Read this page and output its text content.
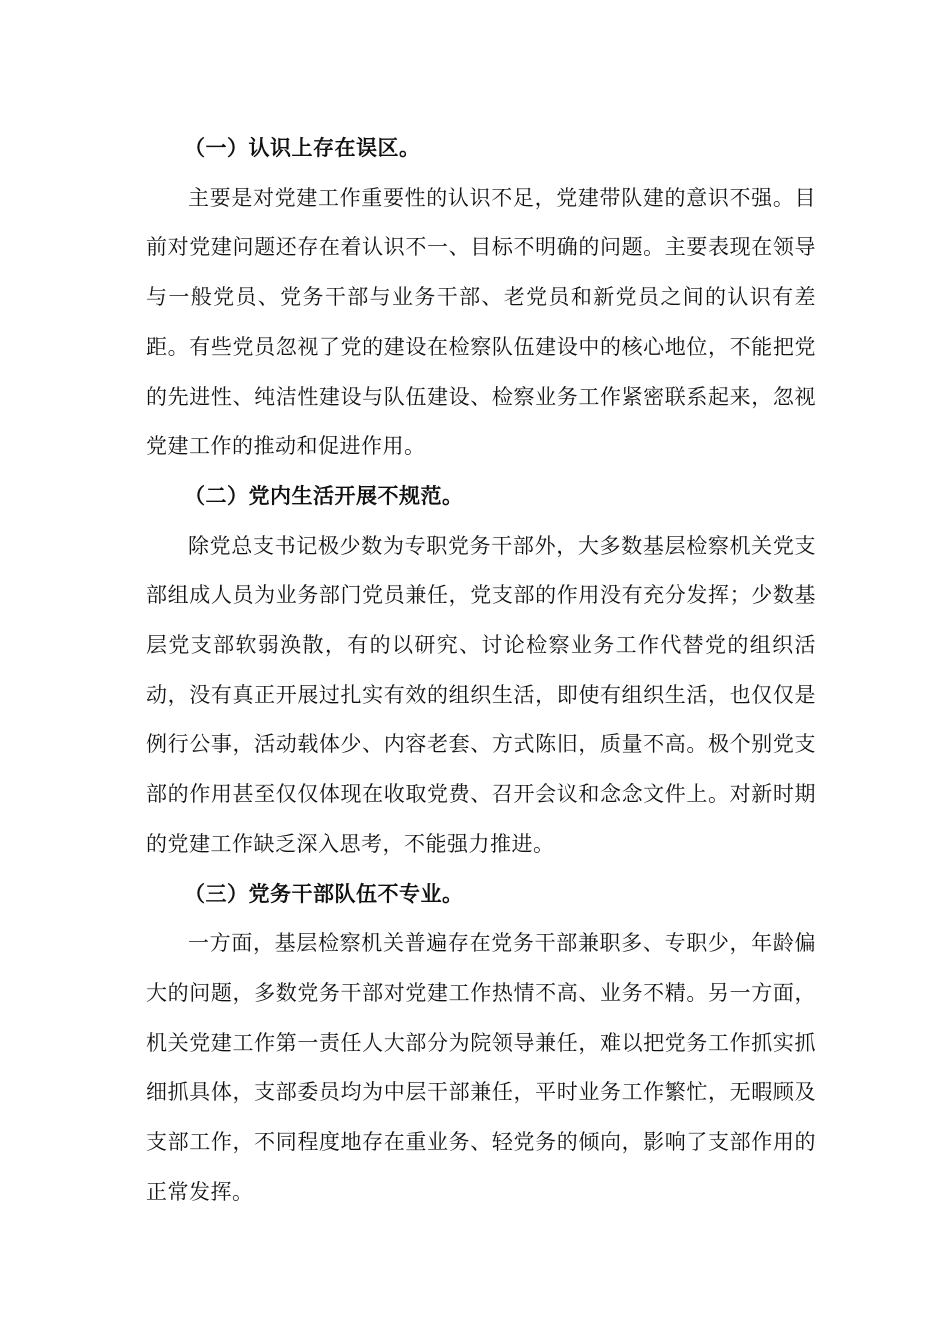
（一）认识上存在误区。

主要是对党建工作重要性的认识不足，党建带队建的意识不强。目前对党建问题还存在着认识不一、目标不明确的问题。主要表现在领导与一般党员、党务干部与业务干部、老党员和新党员之间的认识有差距。有些党员忽视了党的建设在检察队伍建设中的核心地位，不能把党的先进性、纯洁性建设与队伍建设、检察业务工作紧密联系起来，忽视党建工作的推动和促进作用。

（二）党内生活开展不规范。

除党总支书记极少数为专职党务干部外，大多数基层检察机关党支部组成人员为业务部门党员兼任，党支部的作用没有充分发挥；少数基层党支部软弱涣散，有的以研究、讨论检察业务工作代替党的组织活动，没有真正开展过扎实有效的组织生活，即使有组织生活，也仅仅是例行公事，活动载体少、内容老套、方式陈旧，质量不高。极个别党支部的作用甚至仅仅体现在收取党费、召开会议和念念文件上。对新时期的党建工作缺乏深入思考，不能强力推进。

（三）党务干部队伍不专业。

一方面，基层检察机关普遍存在党务干部兼职多、专职少，年龄偏大的问题，多数党务干部对党建工作热情不高、业务不精。另一方面，机关党建工作第一责任人大部分为院领导兼任，难以把党务工作抓实抓细抓具体，支部委员均为中层干部兼任，平时业务工作繁忙，无暇顾及支部工作，不同程度地存在重业务、轻党务的倾向，影响了支部作用的正常发挥。
